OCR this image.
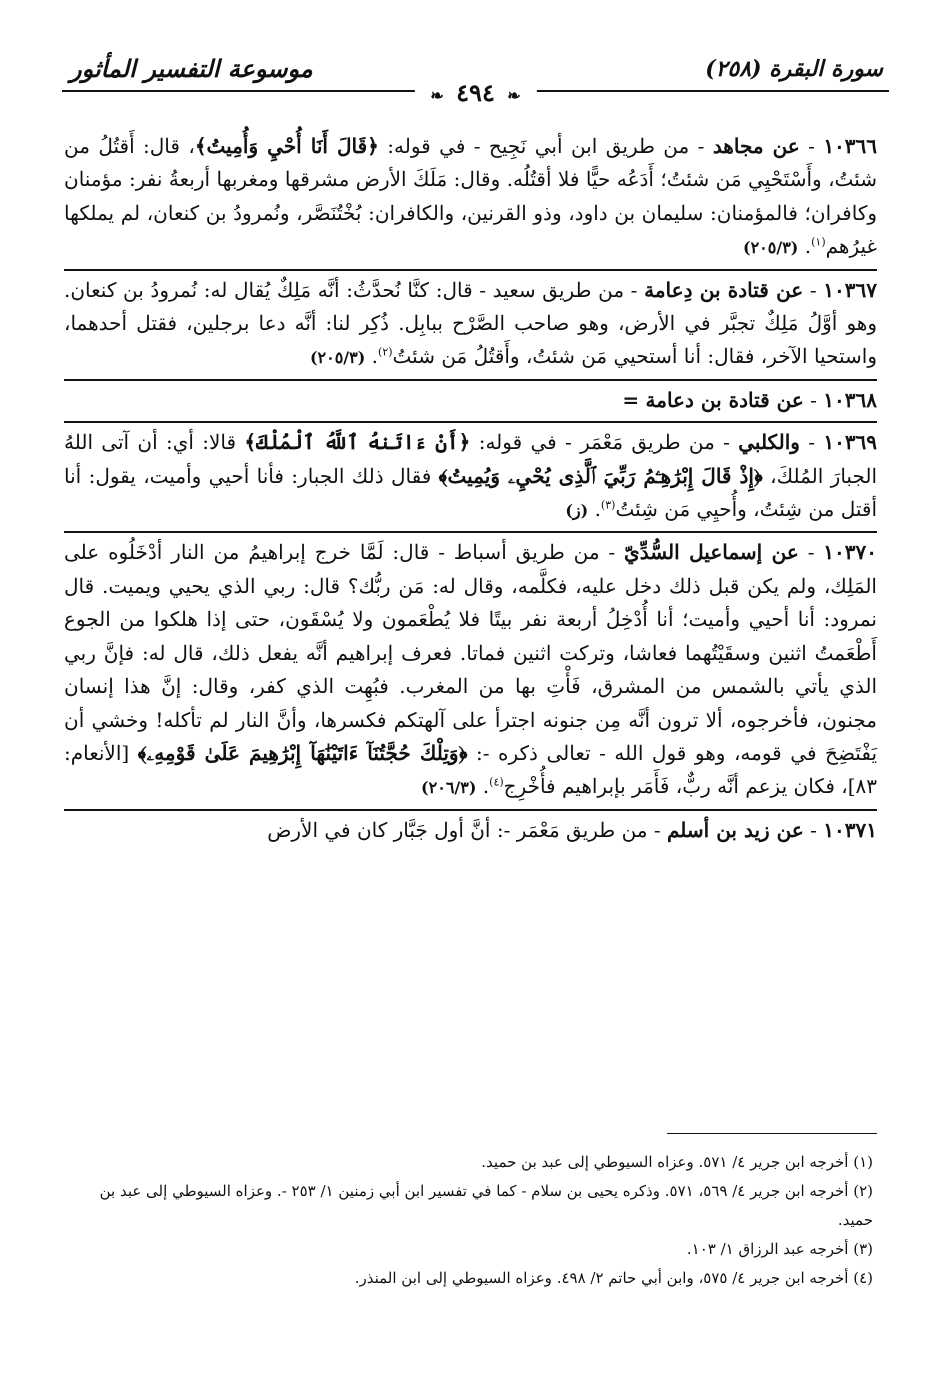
موسوعة التفسير المأثور	سورة البقرة (٢٥٨)
❧ ٤٩٤ ❧

١٠٣٦٦ - عن مجاهد - من طريق ابن أبي نَجِيح - في قوله: ﴿قَالَ أَنَا أُحْيِ وَأُمِيتُ﴾، قال: أَقتُلُ من شئتُ، وأَسْتَحْيِي مَن شئتُ؛ أَدَعُه حيًّا فلا أقتُلُه. وقال: مَلَكَ الأرض مشرقها ومغربها أربعةُ نفر: مؤمنان وكافران؛ فالمؤمنان: سليمان بن داود، وذو القرنين، والكافران: بُخْتُنَصَّر، ونُمرودُ بن كنعان، لم يملكها غيرُهم$^{(١)}$. (٢٠٥/٣)

١٠٣٦٧ - عن قتادة بن دِعامة - من طريق سعيد - قال: كنَّا نُحدَّثُ: أنَّه مَلِكٌ يُقال له: نُمرودُ بن كنعان. وهو أوَّلُ مَلِكٌ تجبَّر في الأرض، وهو صاحب الصَّرْح ببابِل. ذُكِر لنا: أنَّه دعا برجلين، فقتل أحدهما، واستحيا الآخر، فقال: أنا أستحيي مَن شئتُ، وأَقتُلُ مَن شئتُ$^{(٢)}$. (٢٠٥/٣)

١٠٣٦٨ - عن قتادة بن دعامة =

١٠٣٦٩ - والكلبي - من طريق مَعْمَر - في قوله: ﴿أَنْ ءَاتَنهُ ٱللَّهُ ٱلْمُلْكَ﴾ قالا: أي: أن آتى اللهُ الجبارَ المُلكَ، ﴿إِذْ قَالَ إِبْرَٰهِـۧمُ رَبِّيَ ٱلَّذِى يُحْيِۦ وَيُمِيتُ﴾ فقال ذلك الجبار: فأنا أحيي وأميت، يقول: أنا أقتل من شِئتُ، وأُحيِي مَن شِئتُ$^{(٣)}$. (ز)

١٠٣٧٠ - عن إسماعيل السُّدِّيّ - من طريق أسباط - قال: لَمَّا خرج إبراهيمُ من النار أدْخَلُوه على المَلِك، ولم يكن قبل ذلك دخل عليه، فكلَّمه، وقال له: مَن ربُّك؟ قال: ربي الذي يحيي ويميت. قال نمرود: أنا أحيي وأميت؛ أنا أُدْخِلُ أربعة نفر بيتًا فلا يُطْعَمون ولا يُسْقَون، حتى إذا هلكوا من الجوع أَطْعَمتُ اثنين وسقَيْتُهما فعاشا، وتركت اثنين فماتا. فعرف إبراهيم أنَّه يفعل ذلك، قال له: فإنَّ ربي الذي يأتي بالشمس من المشرق، فَأْتِ بها من المغرب. فبُهِت الذي كفر، وقال: إنَّ هذا إنسان مجنون، فأخرجوه، ألا ترون أنَّه مِن جنونه اجترأ على آلهتكم فكسرها، وأنَّ النار لم تأكله! وخشي أن يَفْتَضِحَ في قومه، وهو قول الله - تعالى ذكره -: ﴿وَتِلْكَ حُجَّتُنَآ ءَاتَيْنَٰهَآ إِبْرَٰهِيمَ عَلَىٰ قَوْمِهِۦ﴾ [الأنعام: ٨٣]، فكان يزعم أنَّه ربٌّ، فَأَمَر بإبراهيم فأُخْرِج$^{(٤)}$. (٢٠٦/٣)

١٠٣٧١ - عن زيد بن أسلم - من طريق مَعْمَر -: أنَّ أول جَبَّار كان في الأرض

(١) أخرجه ابن جرير ٤/ ٥٧١. وعزاه السيوطي إلى عبد بن حميد.

(٢) أخرجه ابن جرير ٤/ ٥٦٩، ٥٧١. وذكره يحيى بن سلام - كما في تفسير ابن أبي زمنين ١/ ٢٥٣ -. وعزاه السيوطي إلى عبد بن حميد.

(٣) أخرجه عبد الرزاق ١/ ١٠٣.

(٤) أخرجه ابن جرير ٤/ ٥٧٥، وابن أبي حاتم ٢/ ٤٩٨. وعزاه السيوطي إلى ابن المنذر.
